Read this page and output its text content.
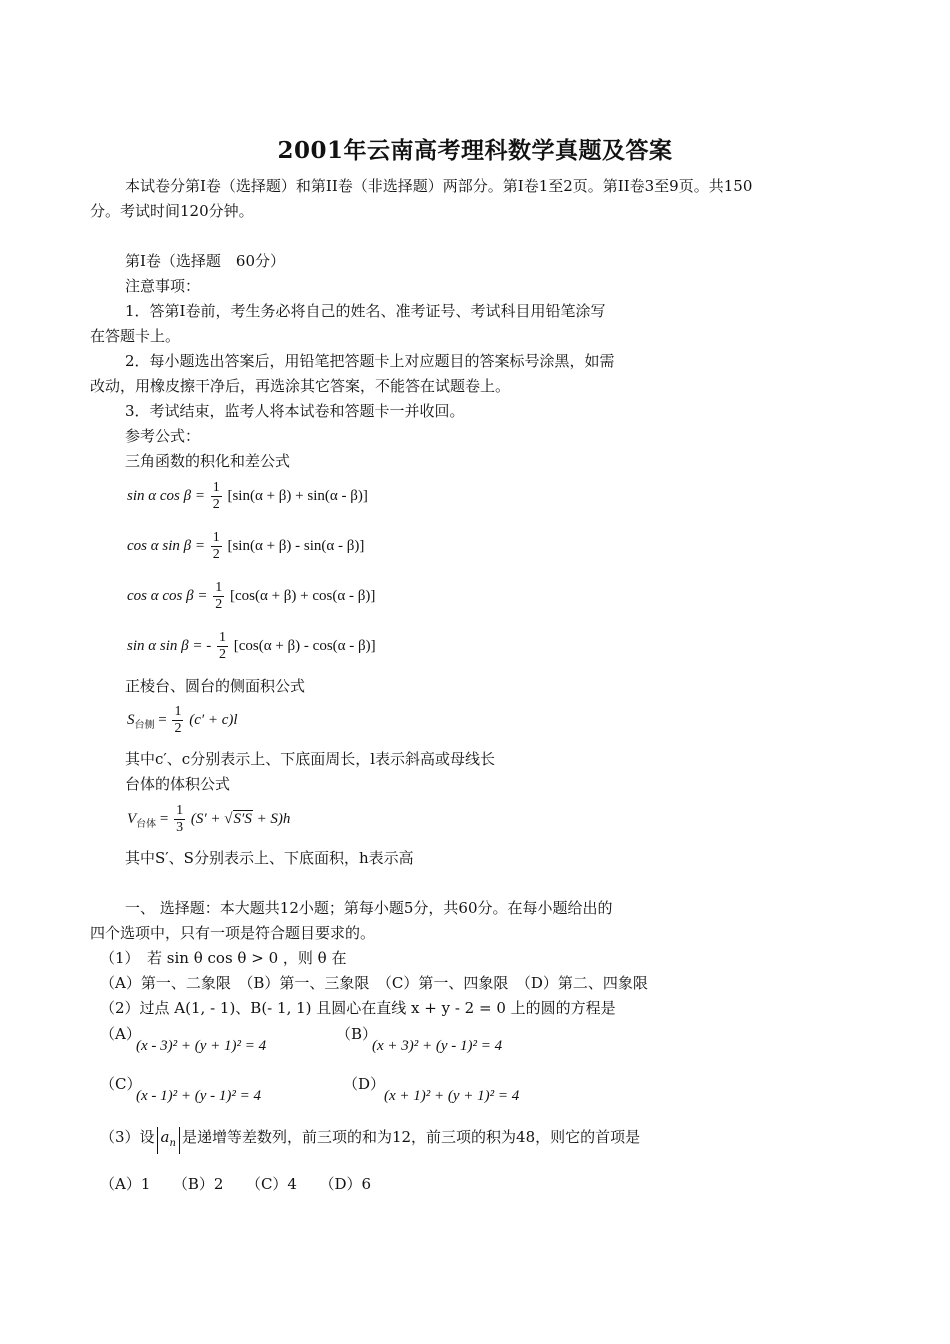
2001年云南高考理科数学真题及答案
本试卷分第Ⅰ卷（选择题）和第II卷（非选择题）两部分。第Ⅰ卷1至2页。第II卷3至9页。共150
分。考试时间120分钟。
第Ⅰ卷（选择题　60分）
注意事项：
1．答第Ⅰ卷前，考生务必将自己的姓名、准考证号、考试科目用铅笔涂写
在答题卡上。
2．每小题选出答案后，用铅笔把答题卡上对应题目的答案标号涂黑，如需
改动，用橡皮擦干净后，再选涂其它答案，不能答在试题卷上。
3．考试结束，监考人将本试卷和答题卡一并收回。
参考公式：
三角函数的积化和差公式
sin α $\cos \beta = \frac{1}{2} [\sin(\alpha + \beta) + \sin(\alpha - \beta)]$
cos α $\sin \beta = \frac{1}{2} [\sin(\alpha + \beta) - \sin(\alpha - \beta)]$
cos α $\cos \beta = \frac{1}{2} [\cos(\alpha + \beta) + \cos(\alpha - \beta)]$
sin α sin β = - $\frac{1}{2} [\cos(\alpha + \beta) - \cos(\alpha - \beta)]$
正棱台、圆台的侧面积公式
$S_{台侧} = \frac{1}{2} (c' + c)l$
其中c′、c分别表示上、下底面周长，l表示斜高或母线长
台体的体积公式
$V_{台体} = \frac{1}{3} (S' + √S'S + S)h$
其中S′、S分别表示上、下底面积，h表示高
一、 选择题：本大题共12小题；第每小题5分，共60分。在每小题给出的
四个选项中，只有一项是符合题目要求的。
（1）　若 sin θ cos θ > 0 ，则 θ 在
（A）第一、二象限　（B）第一、三象限　（C）第一、四象限　（D）第二、四象限
（2）过点 A(1, - 1)、B(- 1, 1) 且圆心在直线 x + y - 2 = 0 上的圆的方程是
（A）
(x - 3)² + (y + 1)² = 4
（B）
(x + 3)² + (y - 1)² = 4
（C）
(x - 1)² + (y - 1)² = 4
（D）
(x + 1)² + (y + 1)² = 4
（3）设 $a_n$ 是递增等差数列，前三项的和为12，前三项的积为48，则它的首项是
（A）1　　（B）2　　（C）4　　（D）6
